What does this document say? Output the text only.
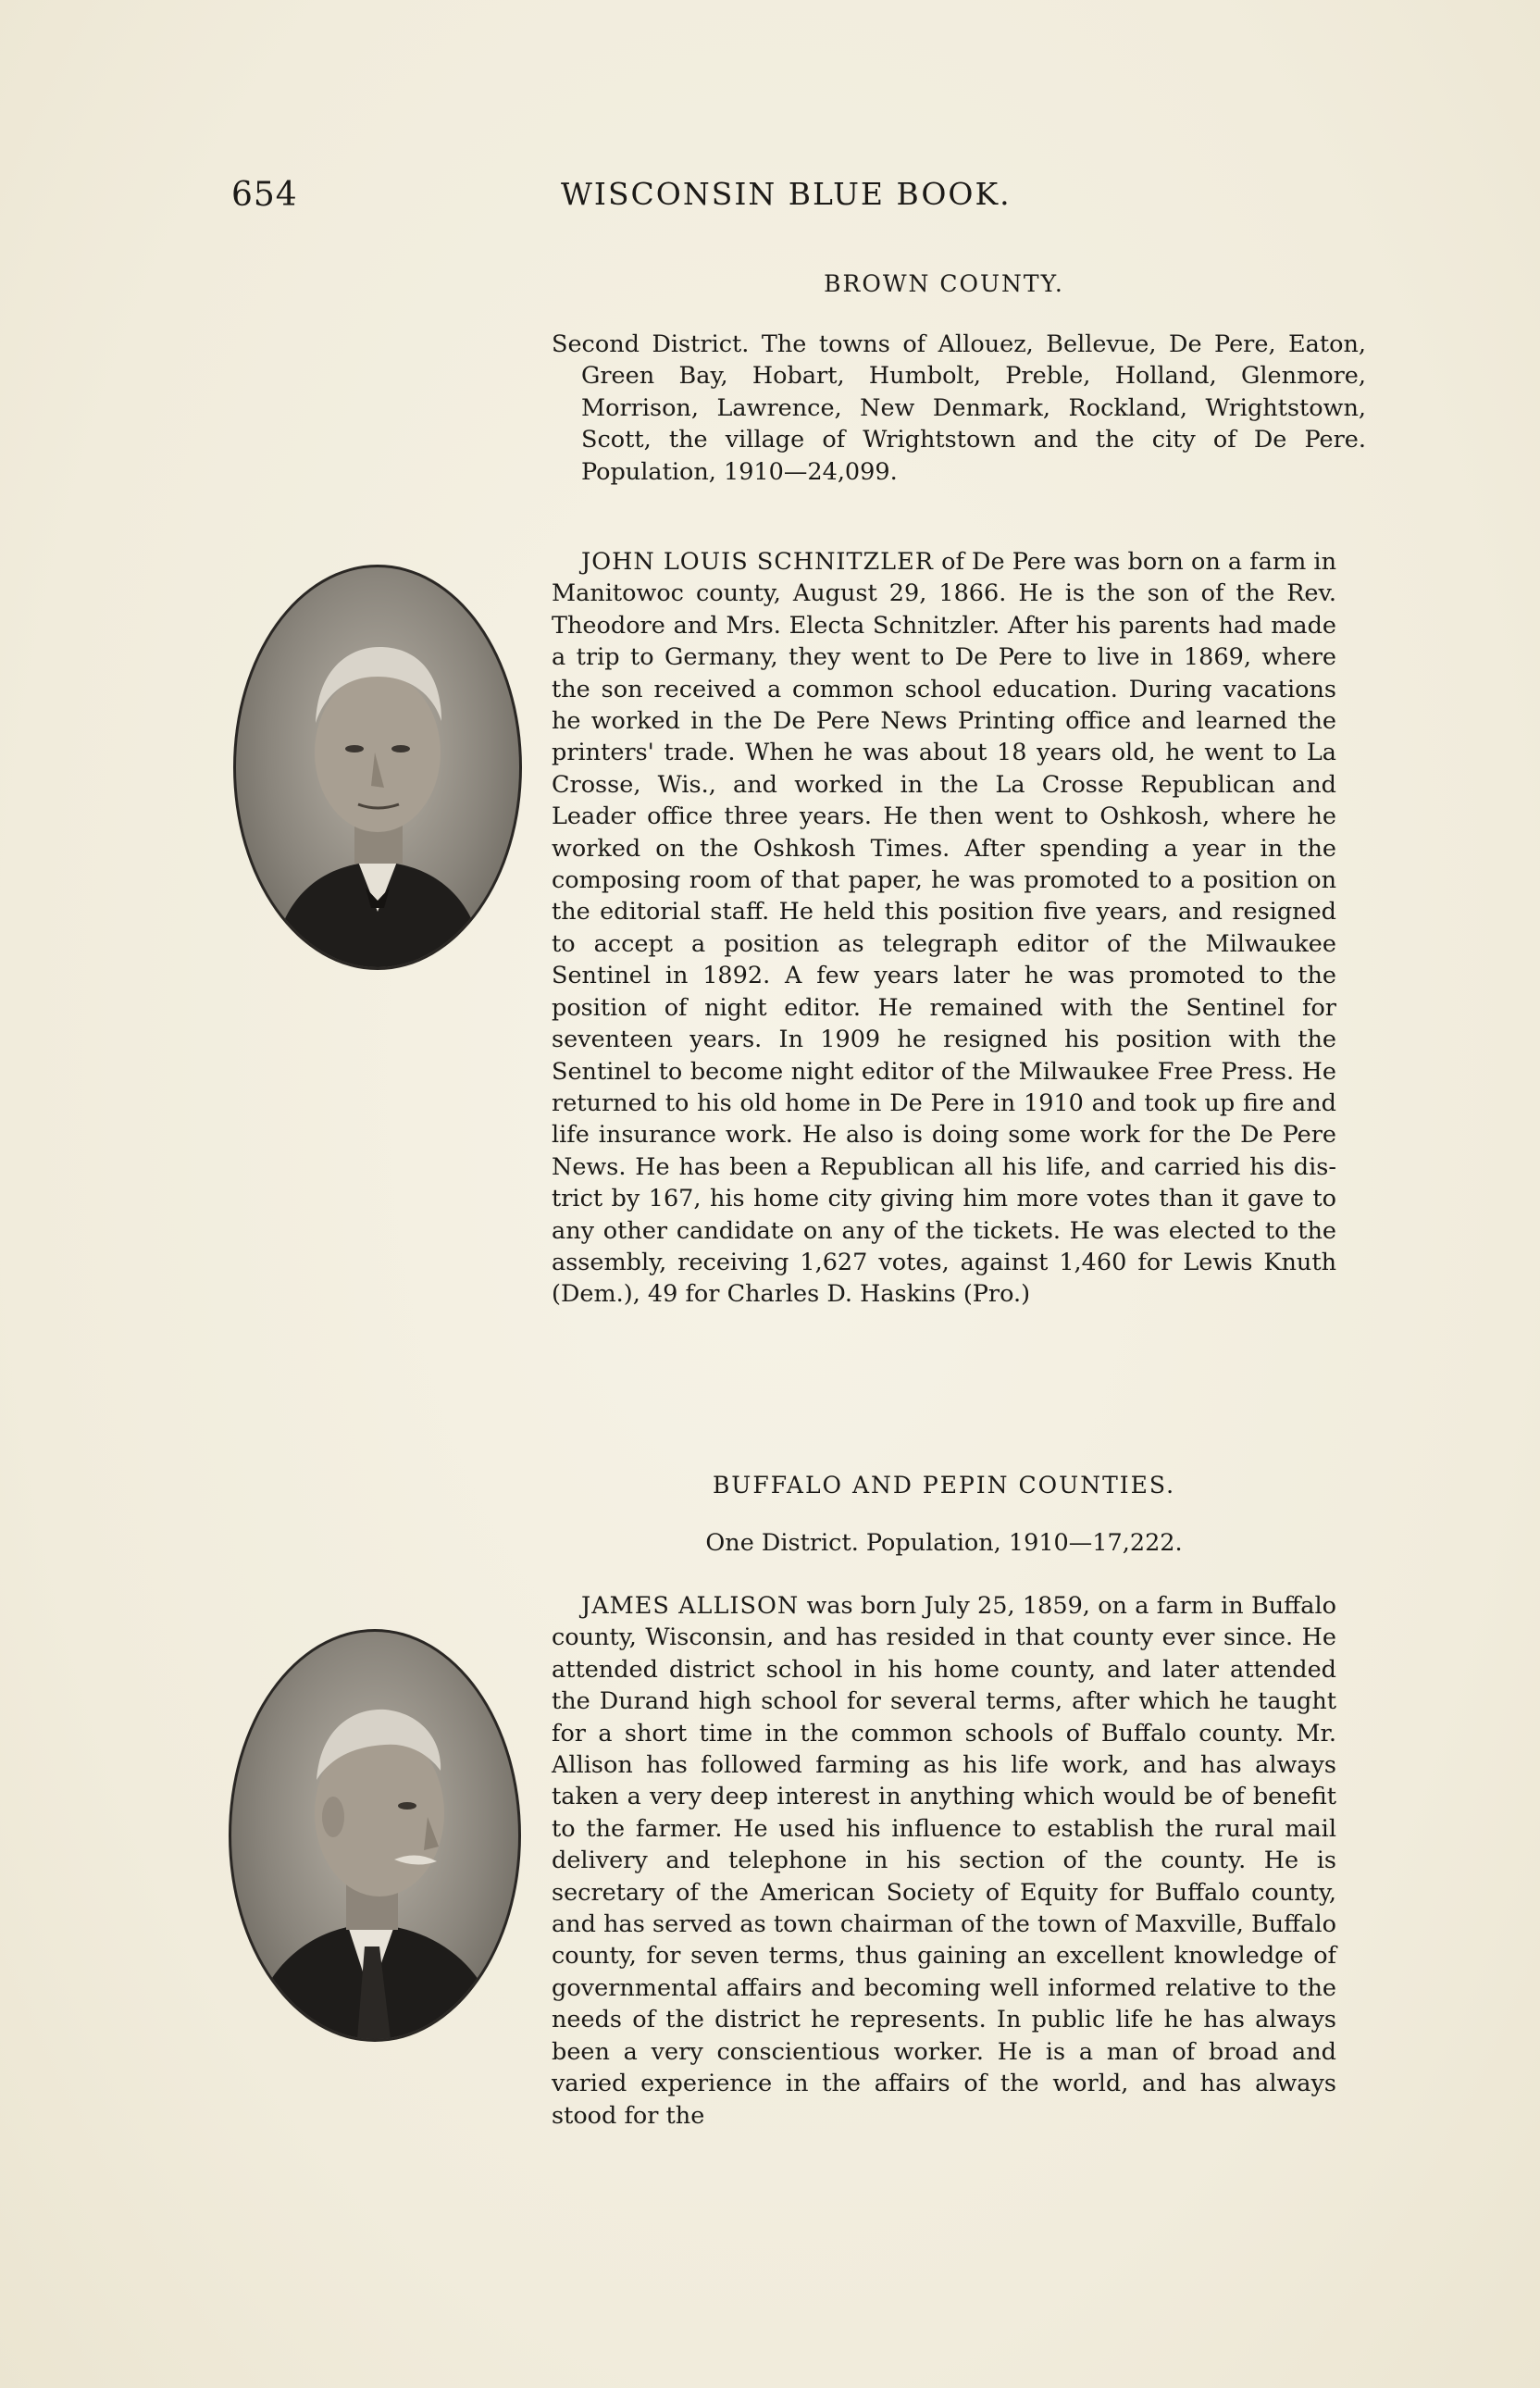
654	WISCONSIN BLUE BOOK.
BROWN COUNTY.
Second District. The towns of Allouez, Bellevue, De Pere, Eaton, Green Bay, Hobart, Humbolt, Preble, Holland, Glenmore, Morrison, Lawrence, New Denmark, Rockland, Wrightstown, Scott, the village of Wrightstown and the city of De Pere. Population, 1910—24,099.
JOHN LOUIS SCHNITZLER of De Pere was born on a farm in Manitowoc county, August 29, 1866. He is the son of the Rev. Theodore and Mrs. Electa Schnitzler. After his parents had made a trip to Germany, they went to De Pere to live in 1869, where the son received a common school education. During vacations he worked in the De Pere News Printing office and learned the printers' trade. When he was about 18 years old, he went to La Crosse, Wis., and worked in the La Crosse Republican and Leader office three years. He then went to Oshkosh, where he worked on the Oshkosh Times. After spending a year in the composing room of that paper, he was promoted to a position on the editorial staff. He held this position five years, and resigned to accept a position as telegraph editor of the Milwaukee Sentinel in 1892. A few years later he was promoted to the position of night editor. He remained with the Sentinel for seventeen years. In 1909 he resigned his position with the Sentinel to become night editor of the Milwaukee Free Press. He returned to his old home in De Pere in 1910 and took up fire and life insurance work. He also is doing some work for the De Pere News. He has been a Republican all his life, and carried his district by 167, his home city giving him more votes than it gave to any other candidate on any of the tickets. He was elected to the assembly, receiving 1,627 votes, against 1,460 for Lewis Knuth (Dem.), 49 for Charles D. Haskins (Pro.)
BUFFALO AND PEPIN COUNTIES.
One District. Population, 1910—17,222.
JAMES ALLISON was born July 25, 1859, on a farm in Buffalo county, Wisconsin, and has resided in that county ever since. He attended district school in his home county, and later attended the Durand high school for several terms, after which he taught for a short time in the common schools of Buffalo county. Mr. Allison has followed farming as his life work, and has always taken a very deep interest in anything which would be of benefit to the farmer. He used his influence to establish the rural mail delivery and telephone in his section of the county. He is secretary of the American Society of Equity for Buffalo county, and has served as town chairman of the town of Maxville, Buffalo county, for seven terms, thus gaining an excellent knowledge of governmental affairs and becoming well informed relative to the needs of the district he represents. In public life he has always been a very conscientious worker. He is a man of broad and varied experience in the affairs of the world, and has always stood for the
